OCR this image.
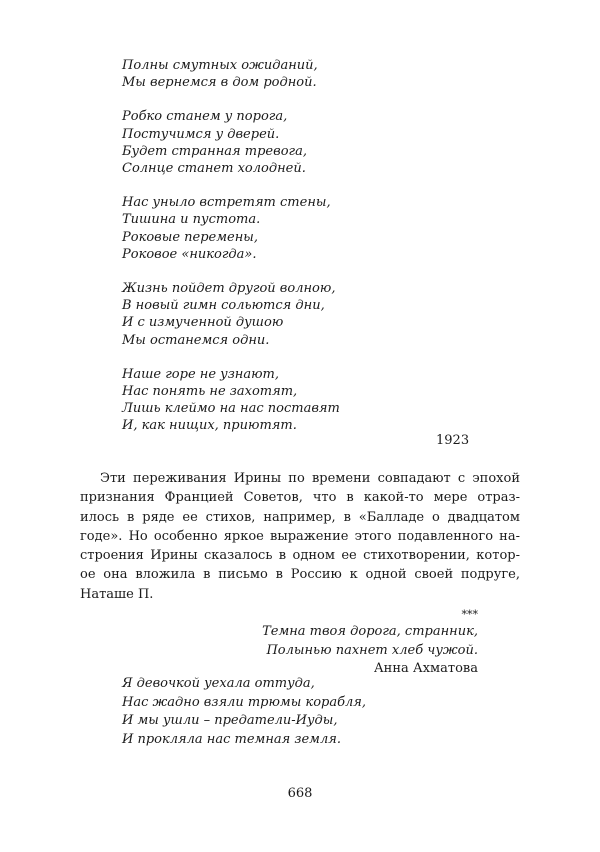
Полны смутных ожиданий,
Мы вернемся в дом родной.
Робко станем у порога,
Постучимся у дверей.
Будет странная тревога,
Солнце станет холодней.
Нас уныло встретят стены,
Тишина и пустота.
Роковые перемены,
Роковое «никогда».
Жизнь пойдет другой волною,
В новый гимн сольются дни,
И с измученной душою
Мы останемся одни.
Наше горе не узнают,
Нас понять не захотят,
Лишь клеймо на нас поставят
И, как нищих, приютят.
1923
Эти переживания Ирины по времени совпадают с эпохой
признания Францией Советов, что в какой-то мере отраз-
илось в ряде ее стихов, например, в «Балладе о двадцатом
годе». Но особенно яркое выражение этого подавленного на-
строения Ирины сказалось в одном ее стихотворении, котор-
ое она вложила в письмо в Россию к одной своей подруге,
Наташе П.
***
Темна твоя дорога, странник,
Полынью пахнет хлеб чужой.
Анна Ахматова
Я девочкой уехала оттуда,
Нас жадно взяли трюмы корабля,
И мы ушли – предатели-Иуды,
И прокляла нас темная земля.
668
